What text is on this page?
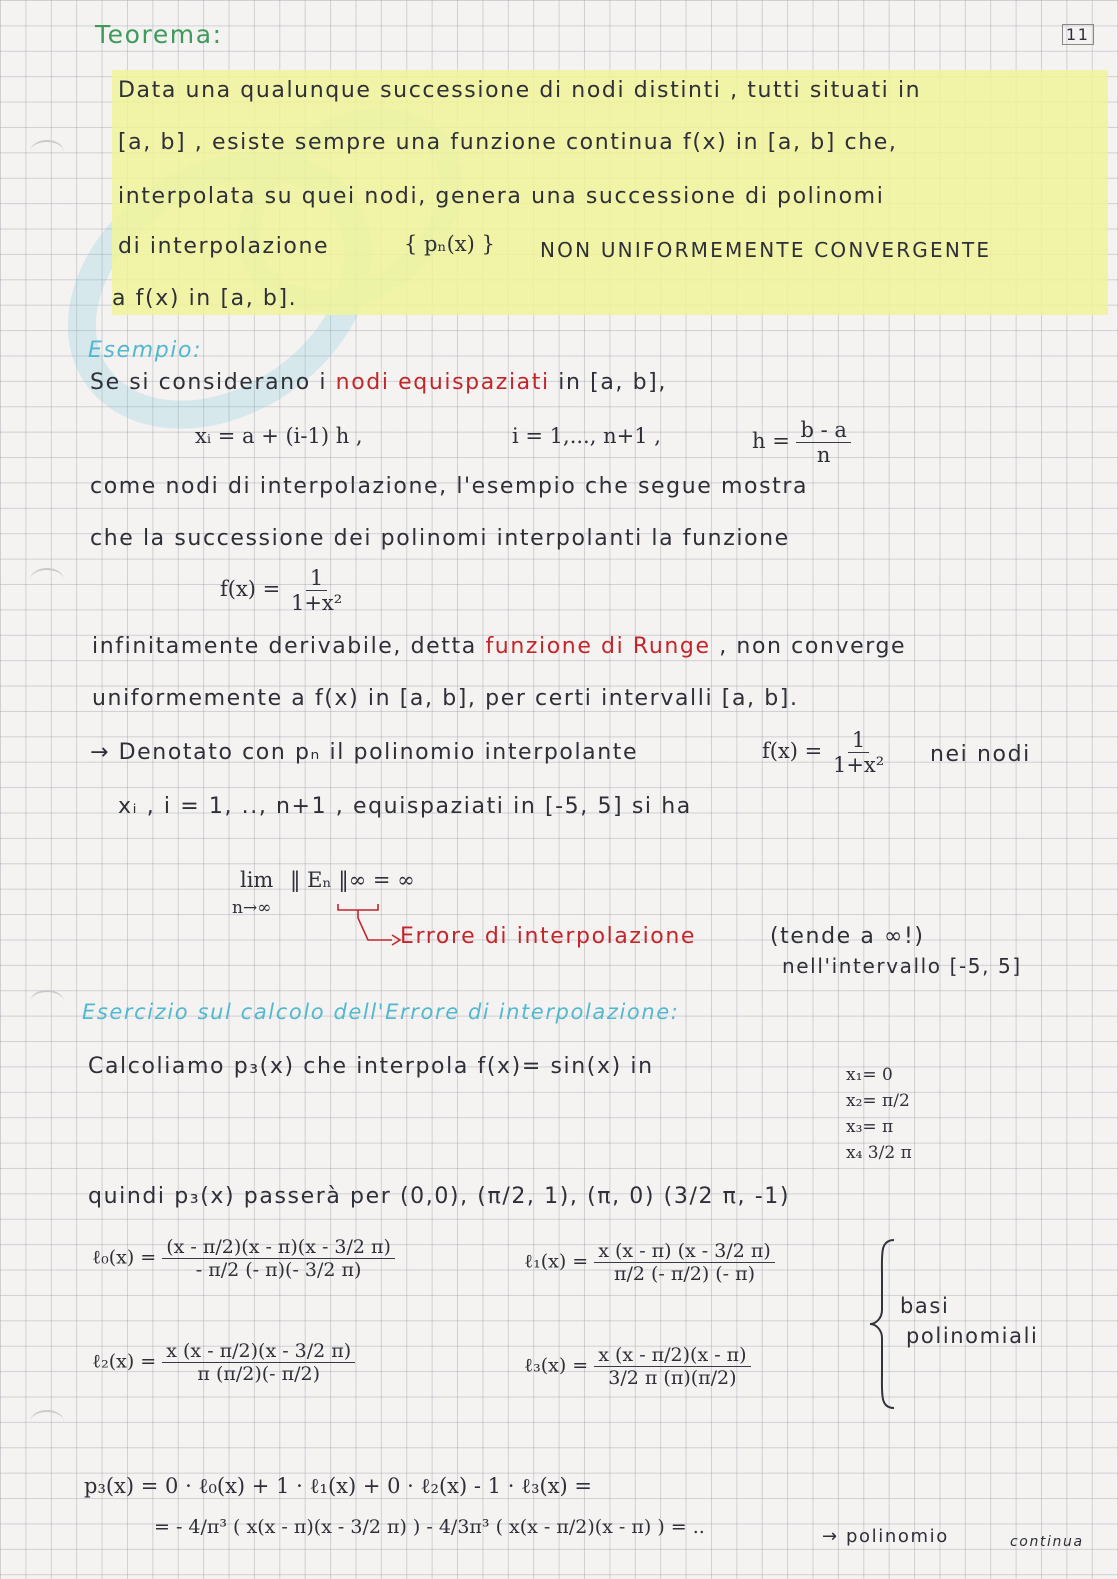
11
Teorema:
Data una qualunque successione di nodi distinti , tutti situati in
[a, b] , esiste sempre una funzione continua f(x) in [a, b] che,
interpolata su quei nodi, genera una successione di polinomi
di interpolazione	{ pₙ(x) } NON UNIFORMEMENTE CONVERGENTE
a f(x) in [a, b].
Esempio:
Se si considerano i nodi equispaziati in [a, b],
xᵢ = a + (i-1) h ,	i = 1,..., n+1 ,	$h = \frac{b - a}{n}$
come nodi di interpolazione, l'esempio che segue mostra
che la successione dei polinomi interpolanti la funzione
$f(x) = \frac{1}{\text{1+x²}}$
infinitamente derivabile, detta funzione di Runge , non converge
uniformemente a f(x) in [a, b], per certi intervalli [a, b].
→ Denotato con pₙ il polinomio interpolante	$f(x) = \frac{1}{\text{1+x²}}$ nei nodi
xᵢ , i = 1, .., n+1 , equispaziati in [-5, 5] si ha
lim
n→∞
‖ Eₙ ‖∞ = ∞
Errore di interpolazione	(tende a ∞!)
nell'intervallo [-5, 5]
Esercizio sul calcolo dell'Errore di interpolazione:
Calcoliamo p₃(x) che interpola f(x)= sin(x) in	x₁= 0
x₂= π/2
x₃= π
x₄ 3/2 π
quindi p₃(x) passerà per (0,0), (π/2, 1), (π, 0) (3/2 π, -1)
ℓ₀(x) = $\frac{(x - \pi/2)(x - \pi)(x - 3/2 \pi)}{- \pi/2 (- \pi)(- 3/2 \pi)}$	ℓ₁(x) = $\frac{x (x - \pi) (x - 3/2 \pi)}{\pi/2 (- \pi/2) (- \pi)}$
ℓ₂(x) = $\frac{x (x - \pi/2)(x - 3/2 \pi)}{\pi (\pi/2)(- \pi/2)}$	ℓ₃(x) = $\frac{x (x - \pi/2)(x - \pi)}{3/2 \pi (\pi)(\pi/2)}$
basi
polinomiali
p₃(x) = 0 · ℓ₀(x) + 1 · ℓ₁(x) + 0 · ℓ₂(x) - 1 · ℓ₃(x) =
= - 4/π³ ( x(x - π)(x - 3/2 π) ) - 4/3π³ ( x(x - π/2)(x - π) ) = ..	→ polinomio	continua
